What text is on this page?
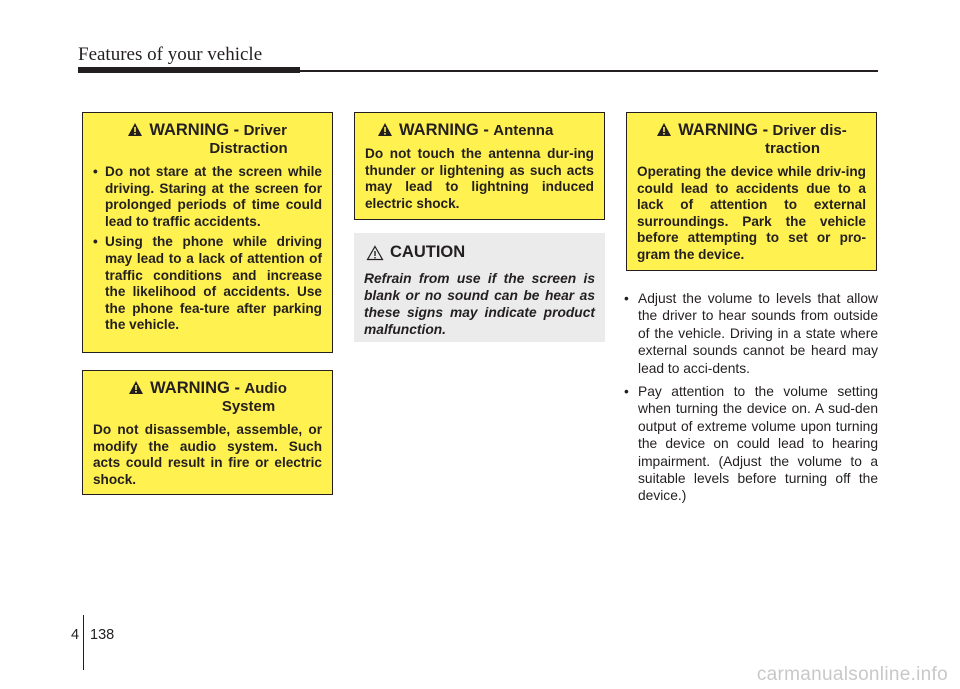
Features of your vehicle
WARNING - Driver
Distraction
• Do not stare at the screen while driving. Staring at the screen for prolonged periods of time could lead to traffic accidents.
• Using the phone while driving may lead to a lack of attention of traffic conditions and increase the likelihood of accidents. Use the phone fea-ture after parking the vehicle.
WARNING - Audio
System
Do not disassemble, assemble, or modify the audio system. Such acts could result in fire or electric shock.
WARNING - Antenna
Do not touch the antenna dur-ing thunder or lightening as such acts may lead to lightning induced electric shock.
CAUTION
Refrain from use if the screen is blank or no sound can be hear as these signs may indicate product malfunction.
WARNING - Driver dis-
traction
Operating the device while driv-ing could lead to accidents due to a lack of attention to external surroundings. Park the vehicle before attempting to set or pro-gram the device.
• Adjust the volume to levels that allow the driver to hear sounds from outside of the vehicle. Driving in a state where external sounds cannot be heard may lead to acci-dents.
• Pay attention to the volume setting when turning the device on. A sud-den output of extreme volume upon turning the device on could lead to hearing impairment. (Adjust the volume to a suitable levels before turning off the device.)
4 138
carmanualsonline.info
